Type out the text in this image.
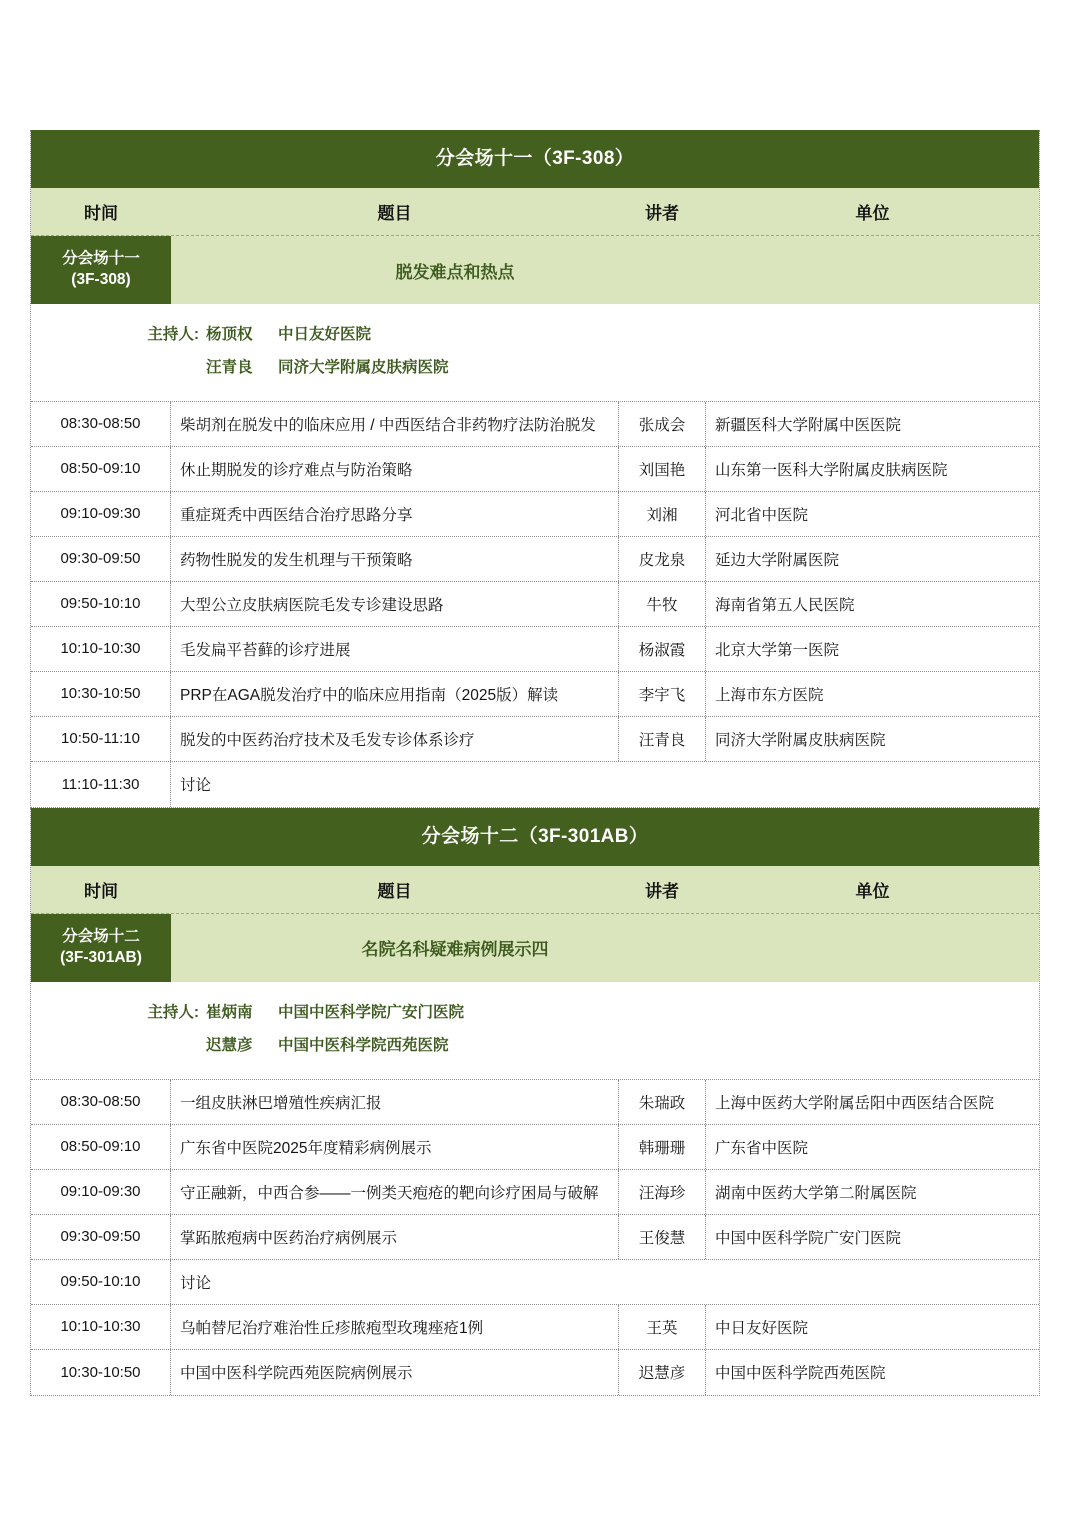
分会场十一（3F-308）
时间	题目	讲者	单位
分会场十一
(3F-308)	脱发难点和热点
主持人: 杨顶权	中日友好医院
汪青良	同济大学附属皮肤病医院
08:30-08:50	柴胡剂在脱发中的临床应用 / 中西医结合非药物疗法防治脱发	张成会	新疆医科大学附属中医医院
08:50-09:10	休止期脱发的诊疗难点与防治策略	刘国艳	山东第一医科大学附属皮肤病医院
09:10-09:30	重症斑秃中西医结合治疗思路分享	刘湘	河北省中医院
09:30-09:50	药物性脱发的发生机理与干预策略	皮龙泉	延边大学附属医院
09:50-10:10	大型公立皮肤病医院毛发专诊建设思路	牛牧	海南省第五人民医院
10:10-10:30	毛发扁平苔藓的诊疗进展	杨淑霞	北京大学第一医院
10:30-10:50	PRP在AGA脱发治疗中的临床应用指南（2025版）解读	李宇飞	上海市东方医院
10:50-11:10	脱发的中医药治疗技术及毛发专诊体系诊疗	汪青良	同济大学附属皮肤病医院
11:10-11:30	讨论
分会场十二（3F-301AB）
时间	题目	讲者	单位
分会场十二
(3F-301AB)	名院名科疑难病例展示四
主持人: 崔炳南	中国中医科学院广安门医院
迟慧彦	中国中医科学院西苑医院
08:30-08:50	一组皮肤淋巴增殖性疾病汇报	朱瑞政	上海中医药大学附属岳阳中西医结合医院
08:50-09:10	广东省中医院2025年度精彩病例展示	韩珊珊	广东省中医院
09:10-09:30	守正融新，中西合参——一例类天疱疮的靶向诊疗困局与破解	汪海珍	湖南中医药大学第二附属医院
09:30-09:50	掌跖脓疱病中医药治疗病例展示	王俊慧	中国中医科学院广安门医院
09:50-10:10	讨论
10:10-10:30	乌帕替尼治疗难治性丘疹脓疱型玫瑰痤疮1例	王英	中日友好医院
10:30-10:50	中国中医科学院西苑医院病例展示	迟慧彦	中国中医科学院西苑医院
